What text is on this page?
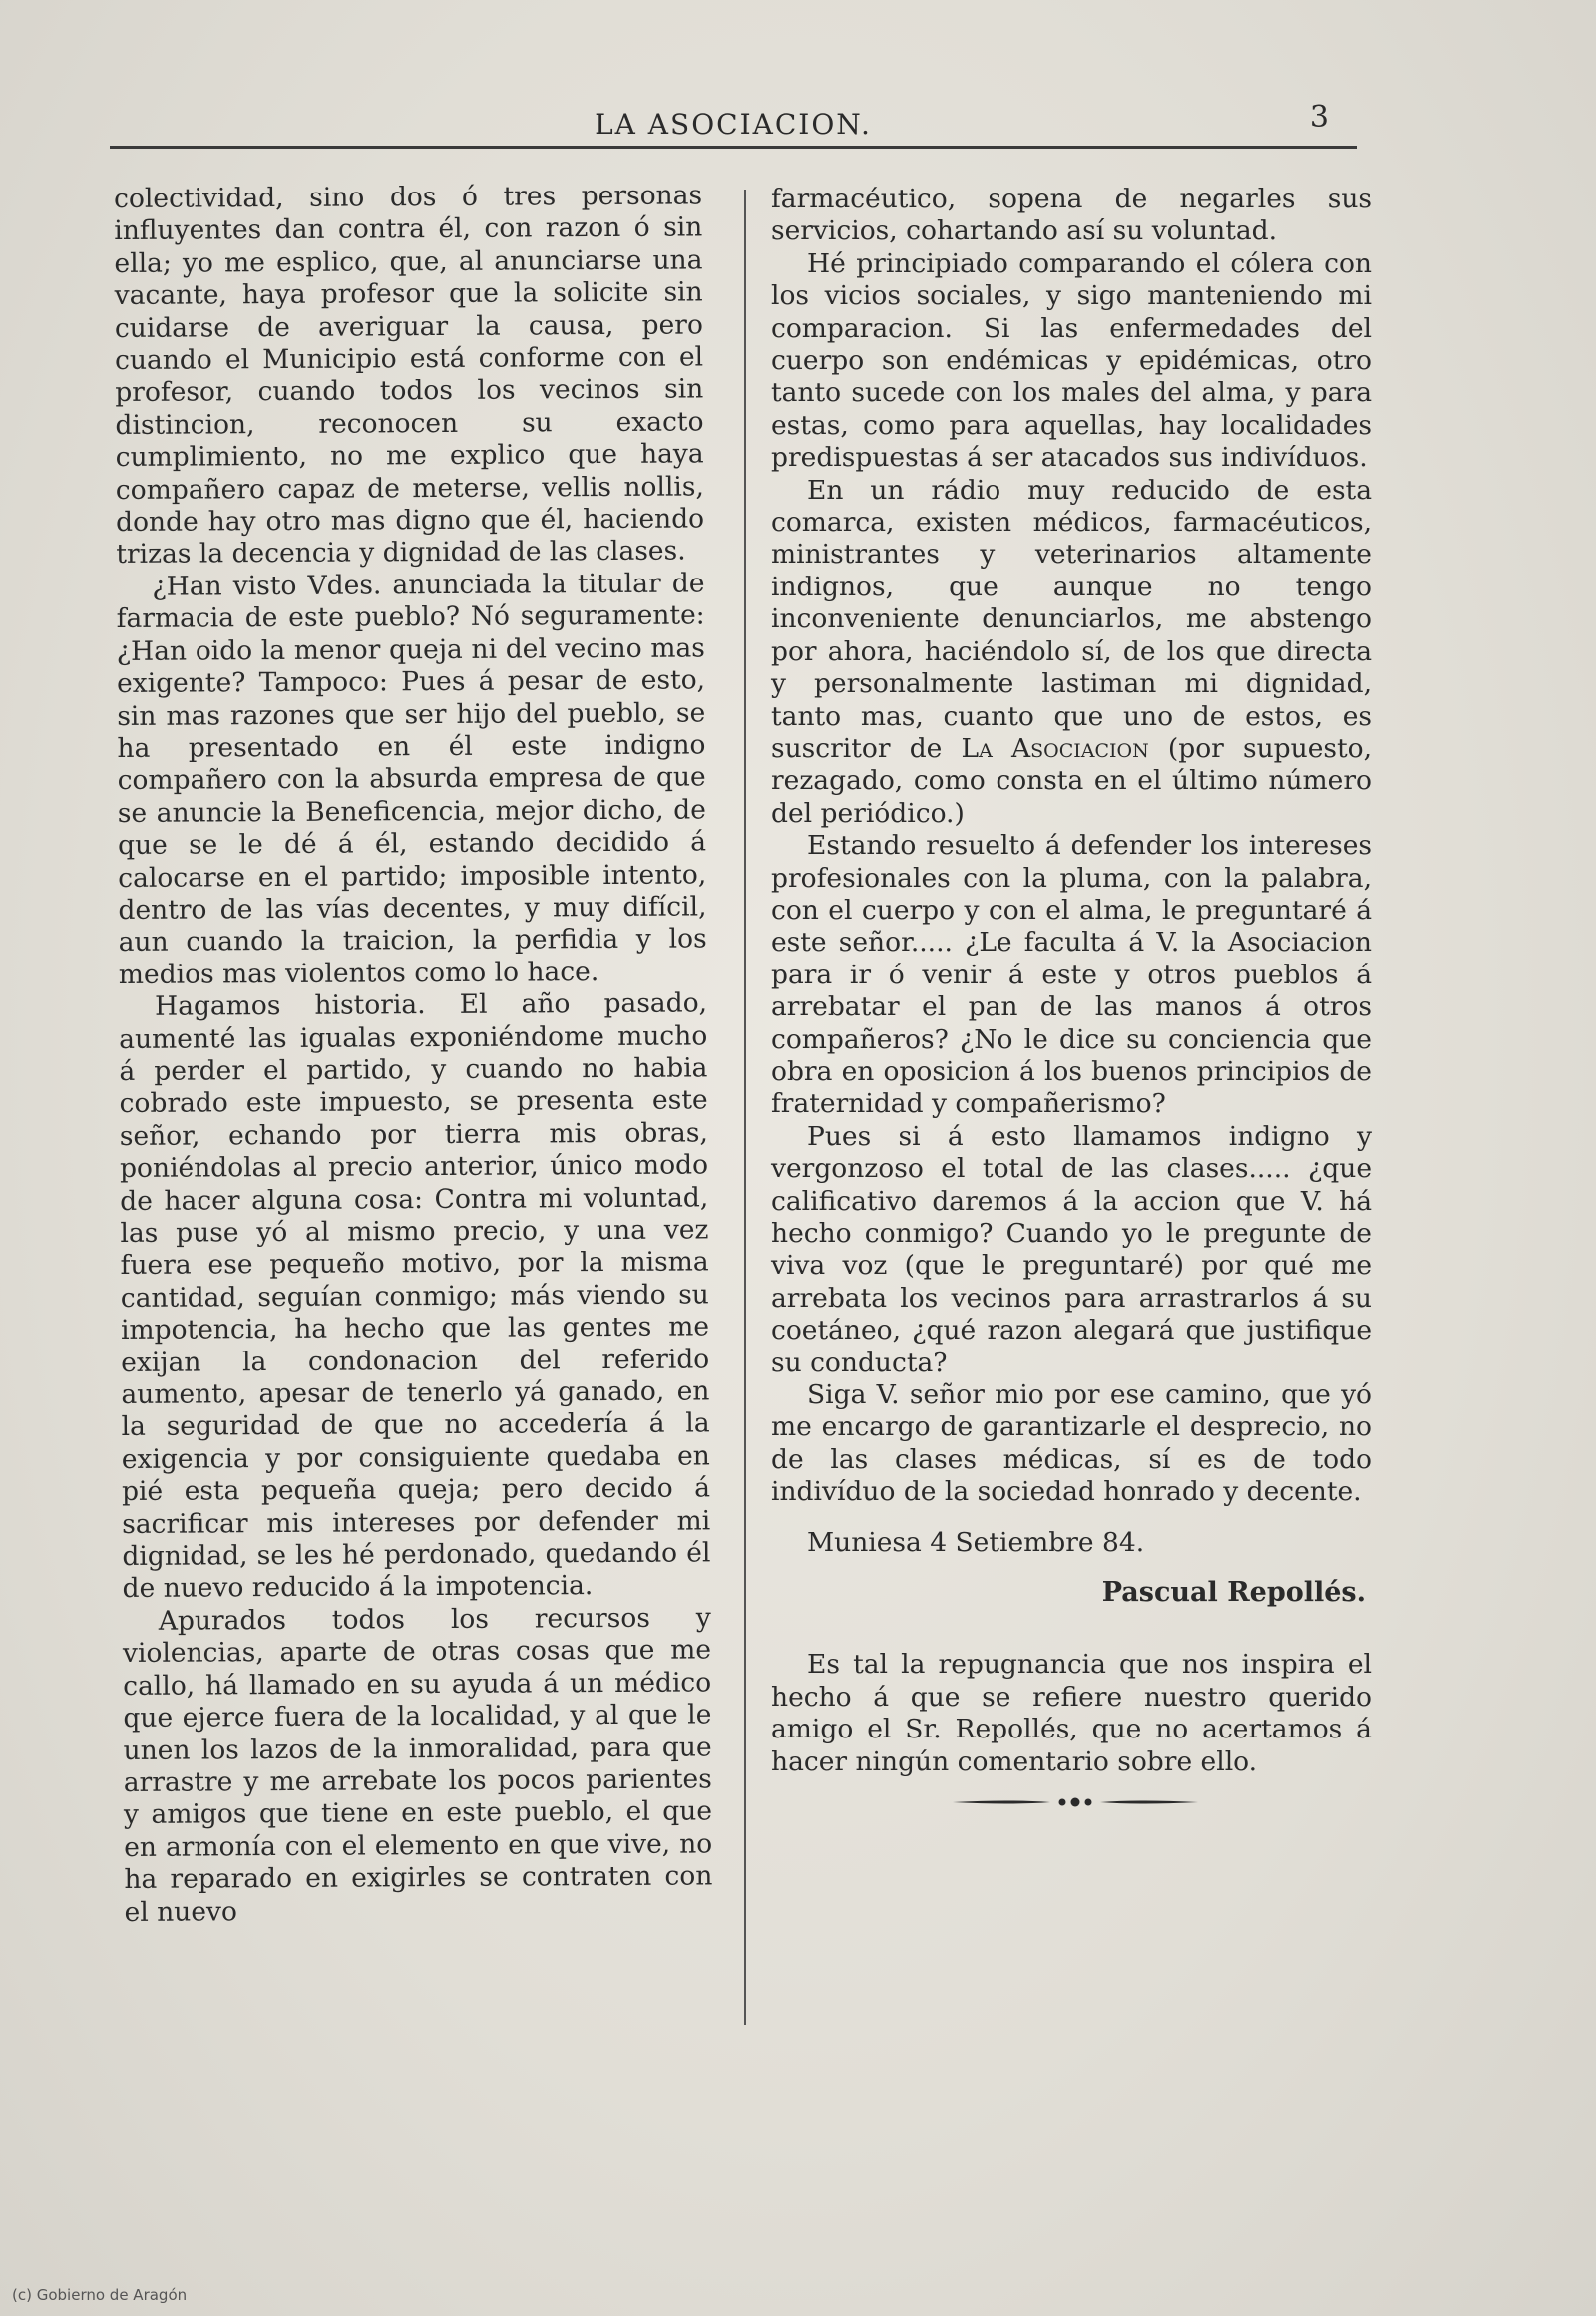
LA ASOCIACION.	3

colectividad, sino dos ó tres personas influyentes dan contra él, con razon ó sin ella; yo me esplico, que, al anunciarse una vacante, haya profesor que la solicite sin cuidarse de averiguar la causa, pero cuando el Municipio está conforme con el profesor, cuando todos los vecinos sin distincion, reconocen su exacto cumplimiento, no me explico que haya compañero capaz de meterse, vellis nollis, donde hay otro mas digno que él, haciendo trizas la decencia y dignidad de las clases.

¿Han visto Vdes. anunciada la titular de farmacia de este pueblo? Nó seguramente: ¿Han oido la menor queja ni del vecino mas exigente? Tampoco: Pues á pesar de esto, sin mas razones que ser hijo del pueblo, se ha presentado en él este indigno compañero con la absurda empresa de que se anuncie la Beneficencia, mejor dicho, de que se le dé á él, estando decidido á calocarse en el partido; imposible intento, dentro de las vías decentes, y muy difícil, aun cuando la traicion, la perfidia y los medios mas violentos como lo hace.

Hagamos historia. El año pasado, aumenté las igualas exponiéndome mucho á perder el partido, y cuando no habia cobrado este impuesto, se presenta este señor, echando por tierra mis obras, poniéndolas al precio anterior, único modo de hacer alguna cosa: Contra mi voluntad, las puse yó al mismo precio, y una vez fuera ese pequeño motivo, por la misma cantidad, seguían conmigo; más viendo su impotencia, ha hecho que las gentes me exijan la condonacion del referido aumento, apesar de tenerlo yá ganado, en la seguridad de que no accedería á la exigencia y por consiguiente quedaba en pié esta pequeña queja; pero decido á sacrificar mis intereses por defender mi dignidad, se les hé perdonado, quedando él de nuevo reducido á la impotencia.

Apurados todos los recursos y violencias, aparte de otras cosas que me callo, há llamado en su ayuda á un médico que ejerce fuera de la localidad, y al que le unen los lazos de la inmoralidad, para que arrastre y me arrebate los pocos parientes y amigos que tiene en este pueblo, el que en armonía con el elemento en que vive, no ha reparado en exigirles se contraten con el nuevo

farmacéutico, sopena de negarles sus servicios, cohartando así su voluntad.

Hé principiado comparando el cólera con los vicios sociales, y sigo manteniendo mi comparacion. Si las enfermedades del cuerpo son endémicas y epidémicas, otro tanto sucede con los males del alma, y para estas, como para aquellas, hay localidades predispuestas á ser atacados sus indivíduos.

En un rádio muy reducido de esta comarca, existen médicos, farmacéuticos, ministrantes y veterinarios altamente indignos, que aunque no tengo inconveniente denunciarlos, me abstengo por ahora, haciéndolo sí, de los que directa y personalmente lastiman mi dignidad, tanto mas, cuanto que uno de estos, es suscritor de La Asociacion (por supuesto, rezagado, como consta en el último número del periódico.)

Estando resuelto á defender los intereses profesionales con la pluma, con la palabra, con el cuerpo y con el alma, le preguntaré á este señor..... ¿Le faculta á V. la Asociacion para ir ó venir á este y otros pueblos á arrebatar el pan de las manos á otros compañeros? ¿No le dice su conciencia que obra en oposicion á los buenos principios de fraternidad y compañerismo?

Pues si á esto llamamos indigno y vergonzoso el total de las clases..... ¿que calificativo daremos á la accion que V. há hecho conmigo? Cuando yo le pregunte de viva voz (que le preguntaré) por qué me arrebata los vecinos para arrastrarlos á su coetáneo, ¿qué razon alegará que justifique su conducta?

Siga V. señor mio por ese camino, que yó me encargo de garantizarle el desprecio, no de las clases médicas, sí es de todo indivíduo de la sociedad honrado y decente.

Muniesa 4 Setiembre 84.

Pascual Repollés.

Es tal la repugnancia que nos inspira el hecho á que se refiere nuestro querido amigo el Sr. Repollés, que no acertamos á hacer ningún comentario sobre ello.

(c) Gobierno de Aragón
